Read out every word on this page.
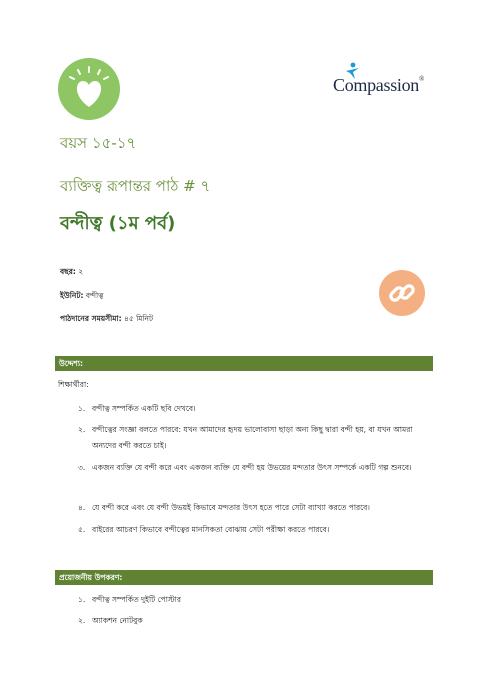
Compassion®
বয়স ১৫-১৭
ব্যক্তিত্ব রূপান্তর পাঠ # ৭
বন্দীত্ব (১ম পর্ব)
বছর: ২
ইউনিট: বন্দীত্ব
পাঠদানের সময়সীমা: ৪৫ মিনিট
উদ্দেশ্য:
শিক্ষার্থীরা:
১. বন্দীত্ব সম্পর্কিত একটি ছবি দেখবে।
২. বন্দীত্বের সংজ্ঞা বলতে পারবে: যখন আমাদের হৃদয় ভালোবাসা ছাড়া অন্য কিছু দ্বারা বন্দী হয়, বা যখন আমরা অন্যদের বন্দী করতে চাই।
৩. একজন ব্যক্তি যে বন্দী করে এবং একজন ব্যক্তি যে বন্দী হয় উভয়ের মন্দতার উৎস সম্পর্কে একটি গল্প শুনবে।
৪. যে বন্দী করে এবং যে বন্দী উভয়ই কিভাবে মন্দতার উৎস হতে পারে সেটা ব্যাখ্যা করতে পারবে।
৫. বাইরের আচরণ কিভাবে বন্দীত্বের মানসিকতা বোঝায় সেটা পরীক্ষা করতে পারবে।
প্রয়োজনীয় উপকরণ:
১. বন্দীত্ব সম্পর্কিত দুইটি পোস্টার
২. অ্যাকশন নোটবুক
